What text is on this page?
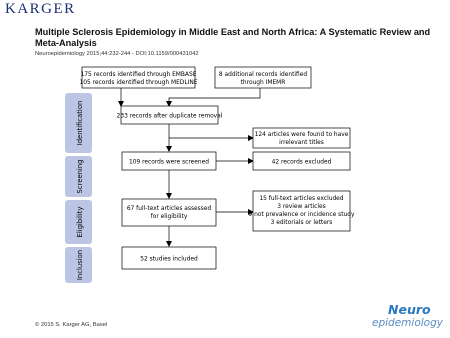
KARGER
Multiple Sclerosis Epidemiology in Middle East and North Africa: A Systematic Review and Meta-Analysis
Neuroepidemiology 2015;44:232-244 - DOI:10.1159/000431042
Identification
Screening
Eligibility
Inclusion
175 records identified through EMBASE
105 records identified through MEDLINE
8 additional records identified
through IMEMR
233 records after duplicate removal
124 articles were found to have
irrelevant titles
109 records were screened	42 records excluded
67 full-text articles assessed
for eligibility
15 full-text articles excluded
3 review articles
9 not prevalence or incidence study
3 editorials or letters
52 studies included
© 2015 S. Karger AG, Basel
Neuro
epidemiology
